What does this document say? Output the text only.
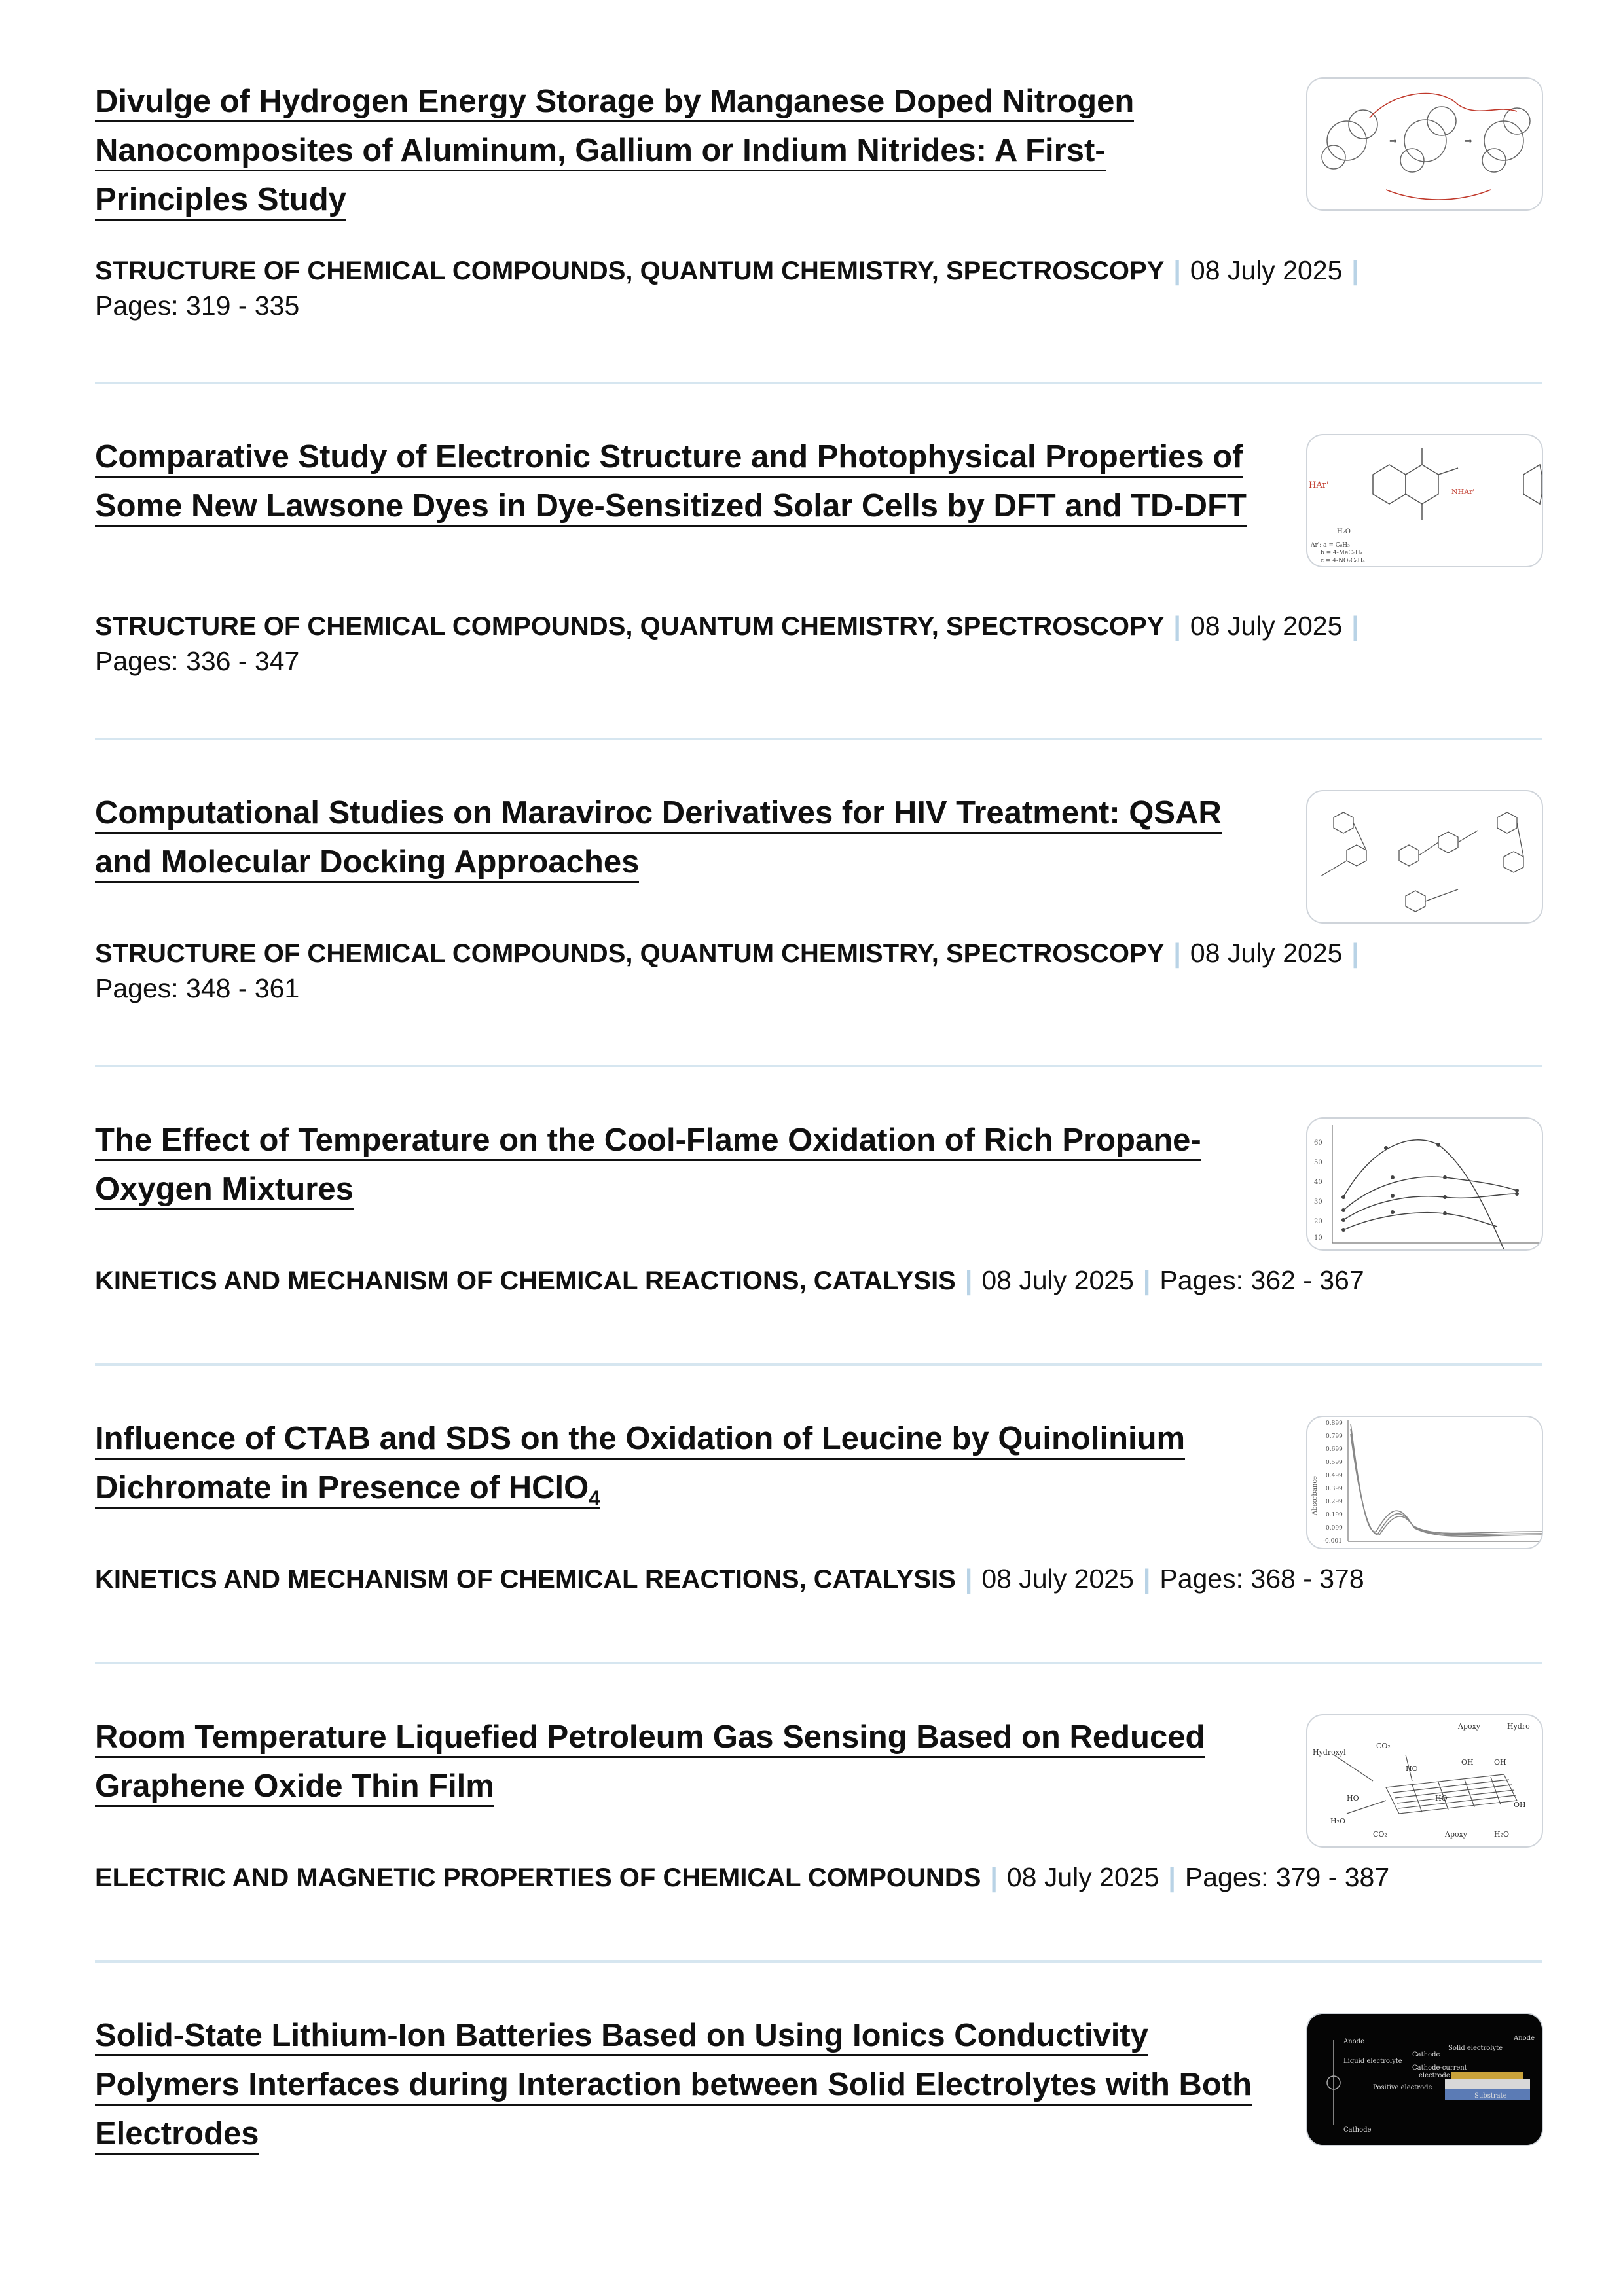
Divulge of Hydrogen Energy Storage by Manganese Doped Nitrogen Nanocomposites of Aluminum, Gallium or Indium Nitrides: A First-Principles Study
⇒	⇒
STRUCTURE OF CHEMICAL COMPOUNDS, QUANTUM CHEMISTRY, SPECTROSCOPY | 08 July 2025 |
Pages: 319 - 335
Comparative Study of Electronic Structure and Photophysical Properties of Some New Lawsone Dyes in Dye-Sensitized Solar Cells by DFT and TD-DFT
HAr'
NHAr'
H₂O
Ar': a = C₆H₅
b = 4-MeC₆H₄
c = 4-NO₂C₆H₄
STRUCTURE OF CHEMICAL COMPOUNDS, QUANTUM CHEMISTRY, SPECTROSCOPY | 08 July 2025 |
Pages: 336 - 347
Computational Studies on Maraviroc Derivatives for HIV Treatment: QSAR and Molecular Docking Approaches
STRUCTURE OF CHEMICAL COMPOUNDS, QUANTUM CHEMISTRY, SPECTROSCOPY | 08 July 2025 |
Pages: 348 - 361
The Effect of Temperature on the Cool-Flame Oxidation of Rich Propane-Oxygen Mixtures
60
50
40
30
20
10
KINETICS AND MECHANISM OF CHEMICAL REACTIONS, CATALYSIS | 08 July 2025 | Pages: 362 - 367
Influence of CTAB and SDS on the Oxidation of Leucine by Quinolinium Dichromate in Presence of HClO$_4$
0.899
0.799
0.699
0.599
0.499
0.399
0.299
0.199
0.099
-0.001
Absorbance
KINETICS AND MECHANISM OF CHEMICAL REACTIONS, CATALYSIS | 08 July 2025 | Pages: 368 - 378
Room Temperature Liquefied Petroleum Gas Sensing Based on Reduced Graphene Oxide Thin Film
Hydroxyl
CO₂
HO
Apoxy	Hydro
OH	OH
HO
H₂O
CO₂	Apoxy	H₂O
OH
HO
ELECTRIC AND MAGNETIC PROPERTIES OF CHEMICAL COMPOUNDS | 08 July 2025 | Pages: 379 - 387
Solid-State Lithium-Ion Batteries Based on Using Ionics Conductivity Polymers Interfaces during Interaction between Solid Electrolytes with Both Electrodes
Anode
Liquid electrolyte
Cathode
Solid electrolyte
Anode
Cathode-current
electrode
Positive electrode
Substrate
Cathode
